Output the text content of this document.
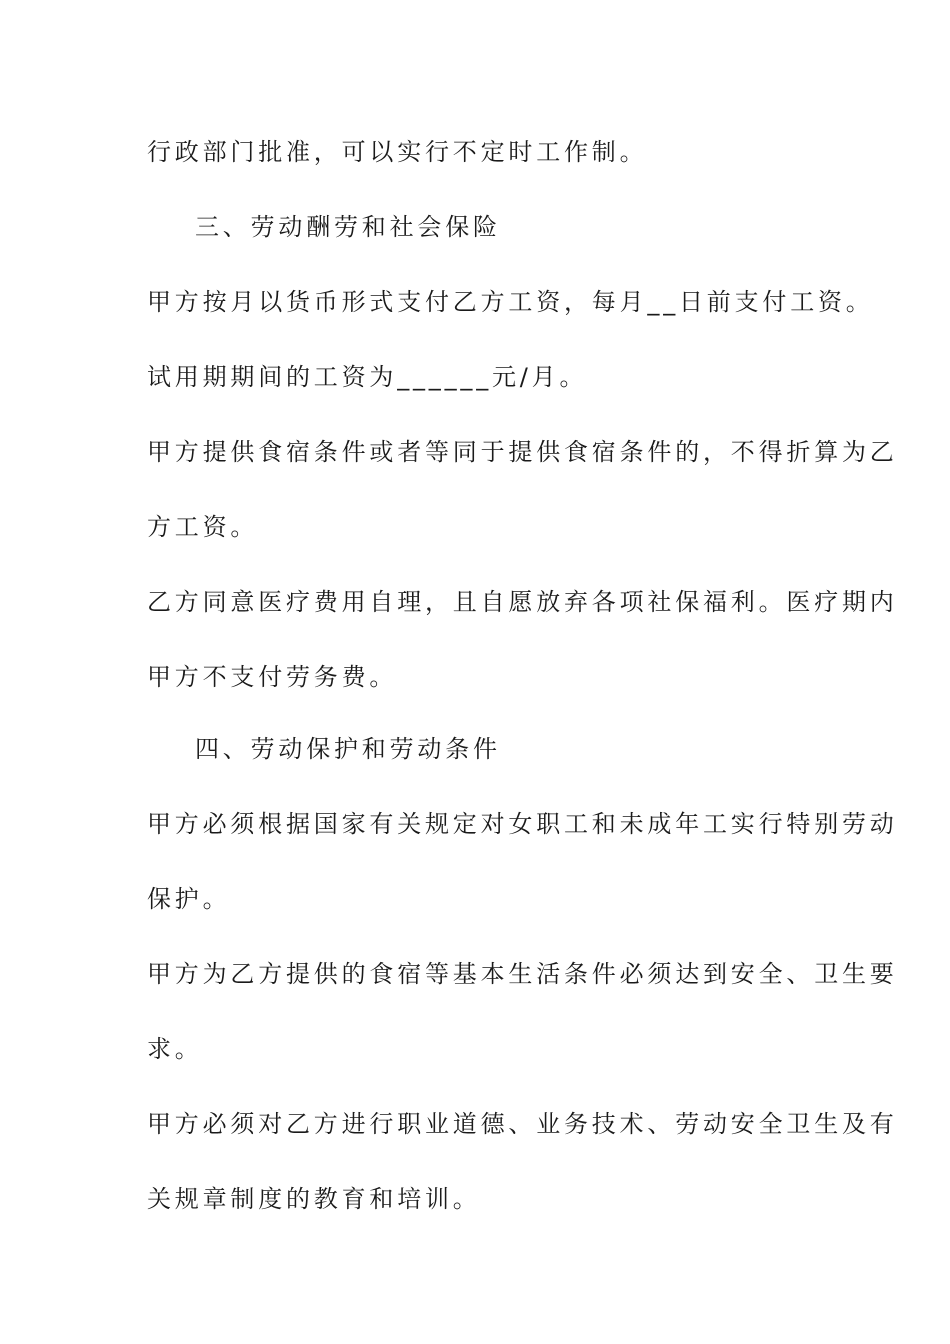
行政部门批准，可以实行不定时工作制。
三、劳动酬劳和社会保险
甲方按月以货币形式支付乙方工资，每月__日前支付工资。
试用期期间的工资为______元/月。
甲方提供食宿条件或者等同于提供食宿条件的，不得折算为乙
方工资。
乙方同意医疗费用自理，且自愿放弃各项社保福利。医疗期内
甲方不支付劳务费。
四、劳动保护和劳动条件
甲方必须根据国家有关规定对女职工和未成年工实行特别劳动
保护。
甲方为乙方提供的食宿等基本生活条件必须达到安全、卫生要
求。
甲方必须对乙方进行职业道德、业务技术、劳动安全卫生及有
关规章制度的教育和培训。
